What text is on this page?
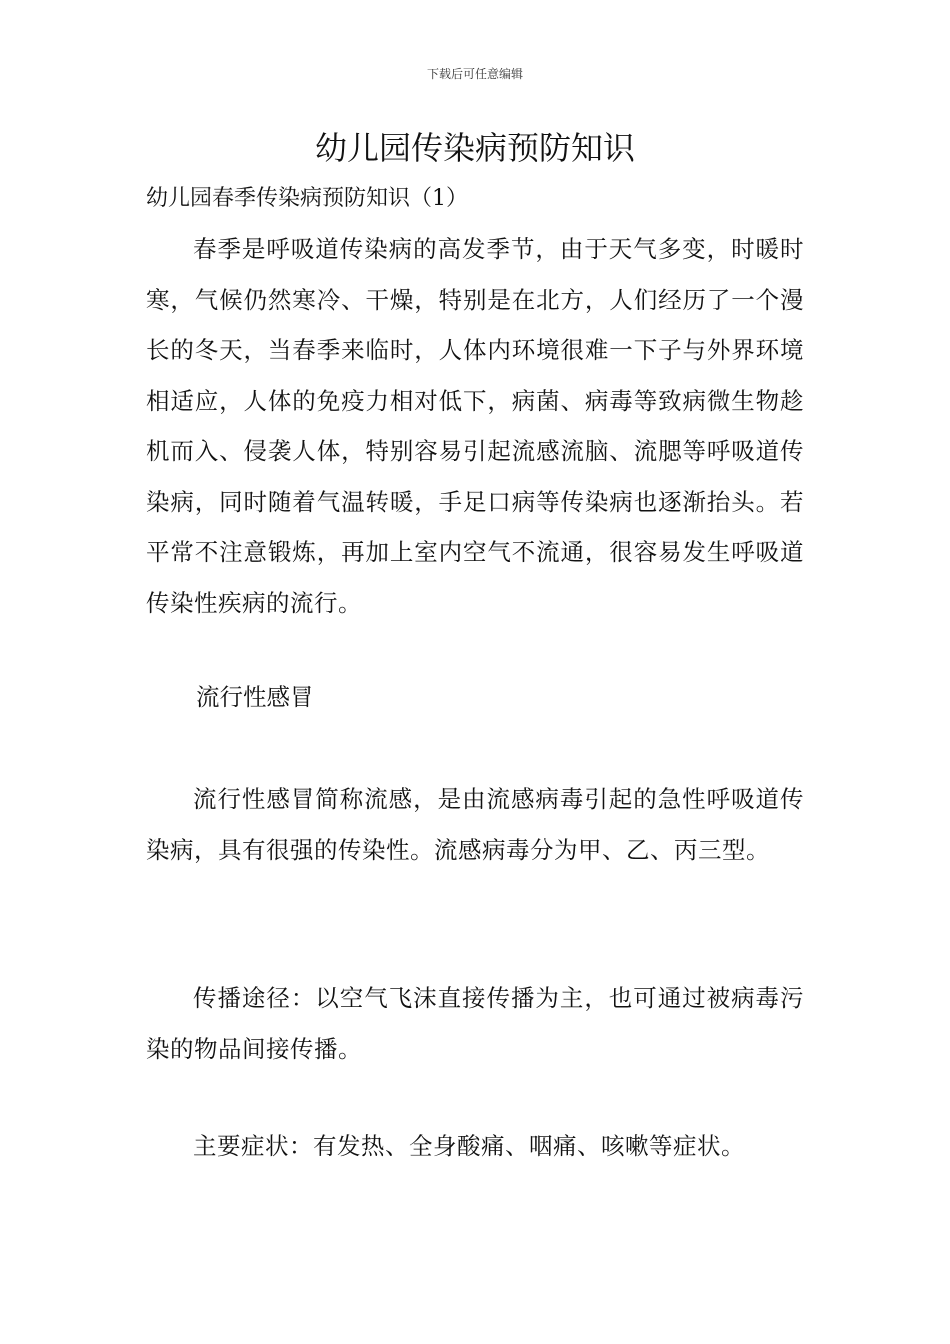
下载后可任意编辑
幼儿园传染病预防知识
幼儿园春季传染病预防知识（1）

春季是呼吸道传染病的高发季节，由于天气多变，时暖时寒，气候仍然寒冷、干燥，特别是在北方，人们经历了一个漫长的冬天，当春季来临时，人体内环境很难一下子与外界环境相适应，人体的免疫力相对低下，病菌、病毒等致病微生物趁机而入、侵袭人体，特别容易引起流感流脑、流腮等呼吸道传染病，同时随着气温转暖，手足口病等传染病也逐渐抬头。若平常不注意锻炼，再加上室内空气不流通，很容易发生呼吸道传染性疾病的流行。

流行性感冒

流行性感冒简称流感，是由流感病毒引起的急性呼吸道传染病，具有很强的传染性。流感病毒分为甲、乙、丙三型。

传播途径：以空气飞沫直接传播为主，也可通过被病毒污染的物品间接传播。

主要症状：有发热、全身酸痛、咽痛、咳嗽等症状。
